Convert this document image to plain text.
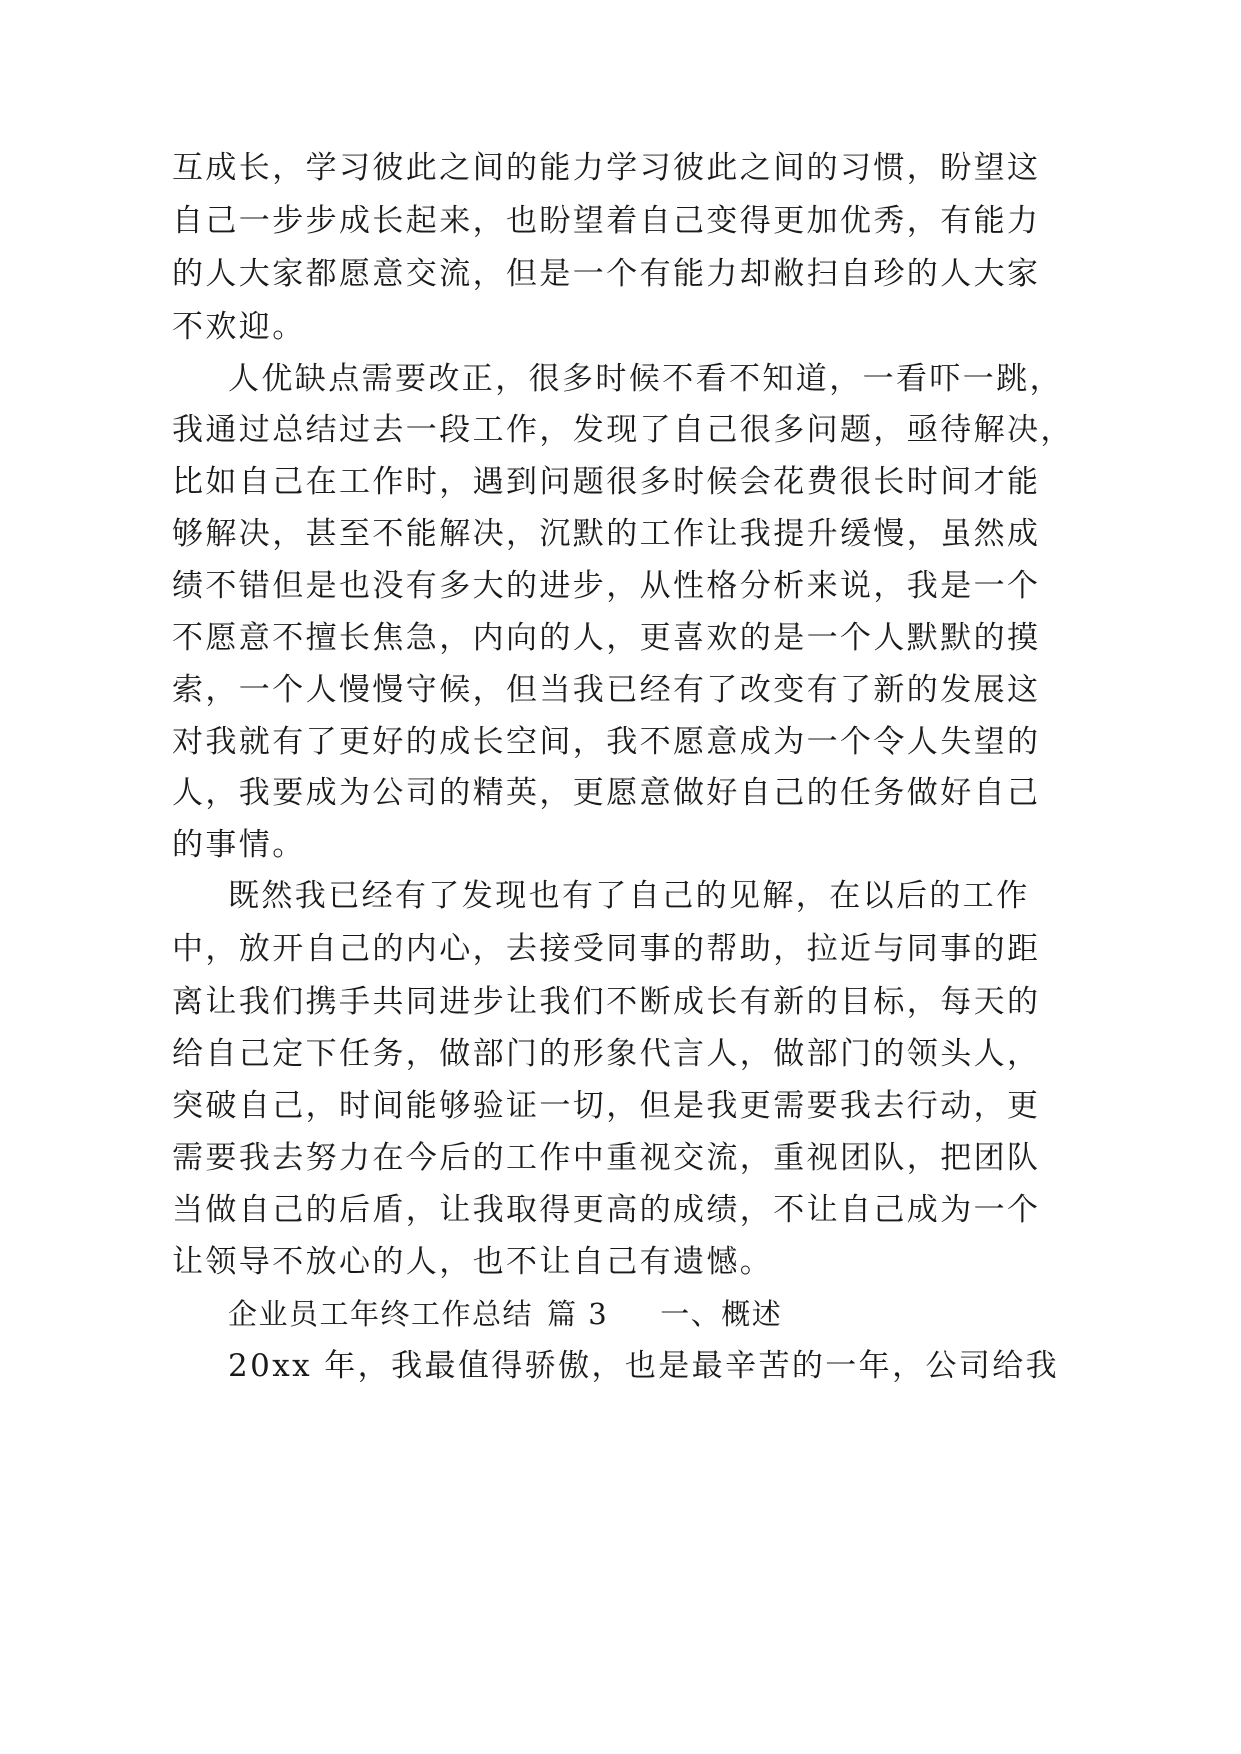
互成长，学习彼此之间的能力学习彼此之间的习惯，盼望这
自己一步步成长起来，也盼望着自己变得更加优秀，有能力
的人大家都愿意交流，但是一个有能力却敝扫自珍的人大家
不欢迎。
人优缺点需要改正，很多时候不看不知道，一看吓一跳，
我通过总结过去一段工作，发现了自己很多问题，亟待解决，
比如自己在工作时，遇到问题很多时候会花费很长时间才能
够解决，甚至不能解决，沉默的工作让我提升缓慢，虽然成
绩不错但是也没有多大的进步，从性格分析来说，我是一个
不愿意不擅长焦急，内向的人，更喜欢的是一个人默默的摸
索，一个人慢慢守候，但当我已经有了改变有了新的发展这
对我就有了更好的成长空间，我不愿意成为一个令人失望的
人，我要成为公司的精英，更愿意做好自己的任务做好自己
的事情。
既然我已经有了发现也有了自己的见解，在以后的工作
中，放开自己的内心，去接受同事的帮助，拉近与同事的距
离让我们携手共同进步让我们不断成长有新的目标，每天的
给自己定下任务，做部门的形象代言人，做部门的领头人，
突破自己，时间能够验证一切，但是我更需要我去行动，更
需要我去努力在今后的工作中重视交流，重视团队，把团队
当做自己的后盾，让我取得更高的成绩，不让自己成为一个
让领导不放心的人，也不让自己有遗憾。
企业员工年终工作总结 篇 3 一、概述
20xx 年，我最值得骄傲，也是最辛苦的一年，公司给我
